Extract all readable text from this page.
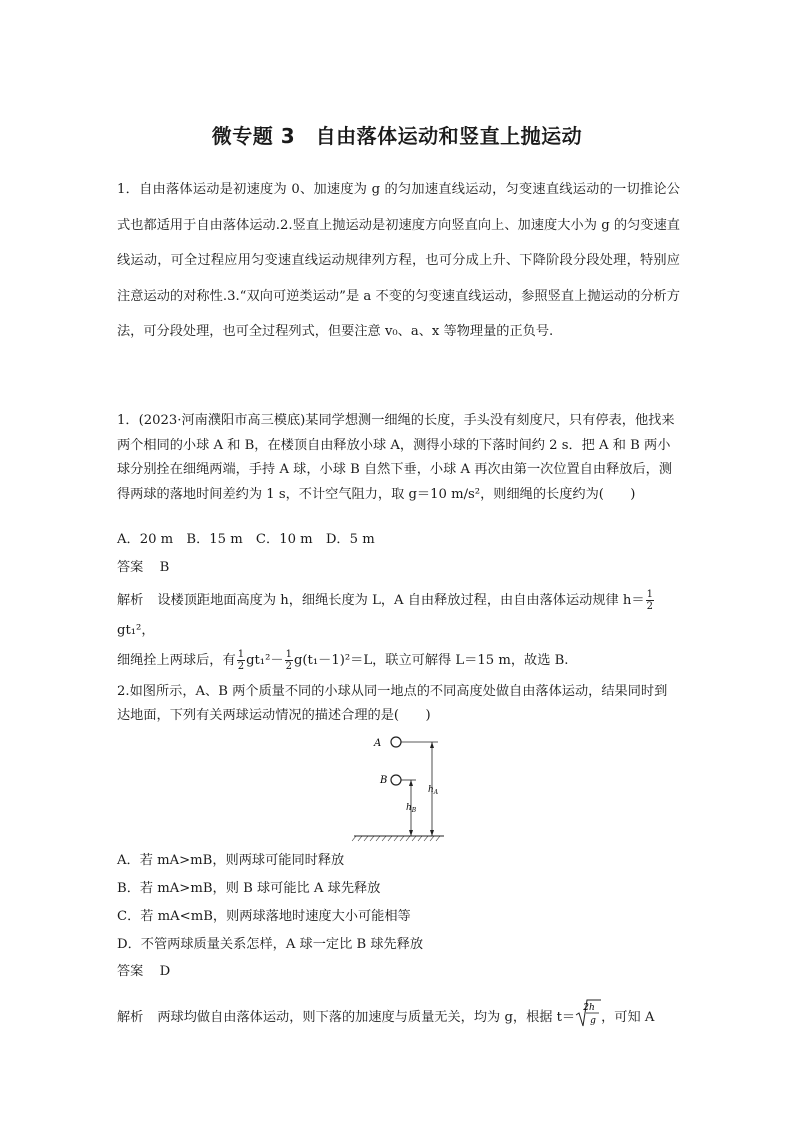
微专题 3　自由落体运动和竖直上抛运动
1．自由落体运动是初速度为 0、加速度为 g 的匀加速直线运动，匀变速直线运动的一切推论公式也都适用于自由落体运动.2.竖直上抛运动是初速度方向竖直向上、加速度大小为 g 的匀变速直线运动，可全过程应用匀变速直线运动规律列方程，也可分成上升、下降阶段分段处理，特别应注意运动的对称性.3.“双向可逆类运动”是 a 不变的匀变速直线运动，参照竖直上抛运动的分析方法，可分段处理，也可全过程列式，但要注意 v₀、a、x 等物理量的正负号.
1．(2023·河南濮阳市高三模底)某同学想测一细绳的长度，手头没有刻度尺，只有停表，他找来两个相同的小球 A 和 B，在楼顶自由释放小球 A，测得小球的下落时间约 2 s．把 A 和 B 两小球分别拴在细绳两端，手持 A 球，小球 B 自然下垂，小球 A 再次由第一次位置自由释放后，测得两球的落地时间差约为 1 s，不计空气阻力，取 g＝10 m/s²，则细绳的长度约为(　　)
A．20 m　B．15 m　C．10 m　D．5 m
答案 B
解析 设楼顶距地面高度为 h，细绳长度为 L，A 自由释放过程，由自由落体运动规律 $h= \frac{1}{2}$
gt₁²，
细绳拴上两球后，有 $\frac{1}{2} gt_1^2- \frac{1}{2} g(t_1-1)^2=L$，联立可解得 L＝15 m，故选 B.
2.如图所示，A、B 两个质量不同的小球从同一地点的不同高度处做自由落体运动，结果同时到达地面，下列有关两球运动情况的描述合理的是(　　)
A
B
$h_A$
$h_B$
A．若 mA>mB，则两球可能同时释放
B．若 mA>mB，则 B 球可能比 A 球先释放
C．若 mA<mB，则两球落地时速度大小可能相等
D．不管两球质量关系怎样，A 球一定比 B 球先释放
答案 D
解析 两球均做自由落体运动，则下落的加速度与质量无关，均为 g，根据 t＝
2h
g ，可知 A
